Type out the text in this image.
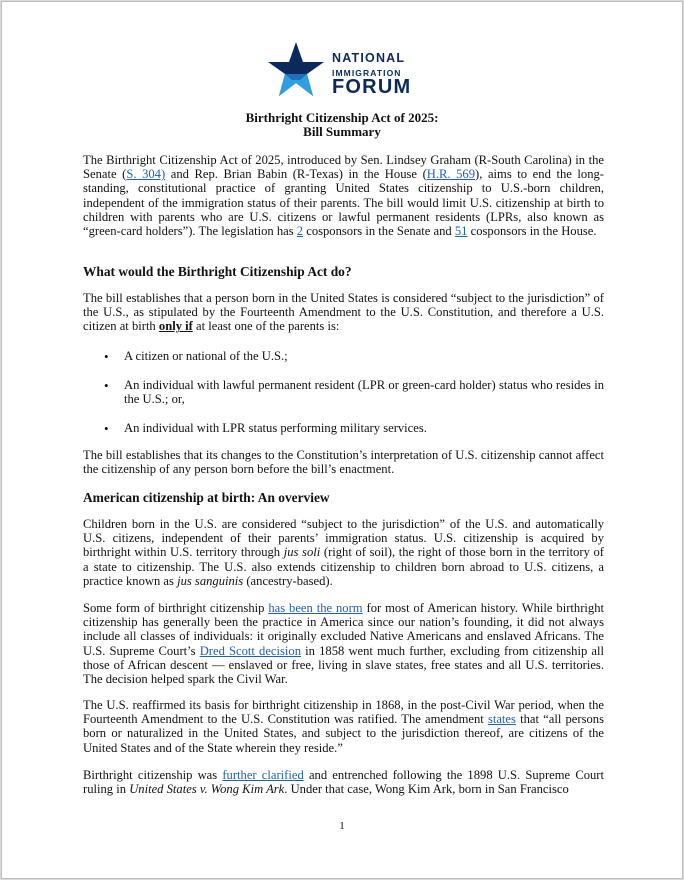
NATIONAL
IMMIGRATION
FORUM
Birthright Citizenship Act of 2025:
Bill Summary
The Birthright Citizenship Act of 2025, introduced by Sen. Lindsey Graham (R-South Carolina) in the Senate (S. 304) and Rep. Brian Babin (R-Texas) in the House (H.R. 569), aims to end the long-standing, constitutional practice of granting United States citizenship to U.S.-born children, independent of the immigration status of their parents. The bill would limit U.S. citizenship at birth to children with parents who are U.S. citizens or lawful permanent residents (LPRs, also known as “green-card holders”). The legislation has 2 cosponsors in the Senate and 51 cosponsors in the House.
What would the Birthright Citizenship Act do?
The bill establishes that a person born in the United States is considered “subject to the jurisdiction” of the U.S., as stipulated by the Fourteenth Amendment to the U.S. Constitution, and therefore a U.S. citizen at birth only if at least one of the parents is:
• A citizen or national of the U.S.;
• An individual with lawful permanent resident (LPR or green-card holder) status who resides in the U.S.; or,
• An individual with LPR status performing military services.
The bill establishes that its changes to the Constitution’s interpretation of U.S. citizenship cannot affect the citizenship of any person born before the bill’s enactment.
American citizenship at birth: An overview
Children born in the U.S. are considered “subject to the jurisdiction” of the U.S. and automatically U.S. citizens, independent of their parents’ immigration status. U.S. citizenship is acquired by birthright within U.S. territory through jus soli (right of soil), the right of those born in the territory of a state to citizenship. The U.S. also extends citizenship to children born abroad to U.S. citizens, a practice known as jus sanguinis (ancestry-based).
Some form of birthright citizenship has been the norm for most of American history. While birthright citizenship has generally been the practice in America since our nation’s founding, it did not always include all classes of individuals: it originally excluded Native Americans and enslaved Africans. The U.S. Supreme Court’s Dred Scott decision in 1858 went much further, excluding from citizenship all those of African descent — enslaved or free, living in slave states, free states and all U.S. territories. The decision helped spark the Civil War.
The U.S. reaffirmed its basis for birthright citizenship in 1868, in the post-Civil War period, when the Fourteenth Amendment to the U.S. Constitution was ratified. The amendment states that “all persons born or naturalized in the United States, and subject to the jurisdiction thereof, are citizens of the United States and of the State wherein they reside.”
Birthright citizenship was further clarified and entrenched following the 1898 U.S. Supreme Court ruling in United States v. Wong Kim Ark. Under that case, Wong Kim Ark, born in San Francisco
1
